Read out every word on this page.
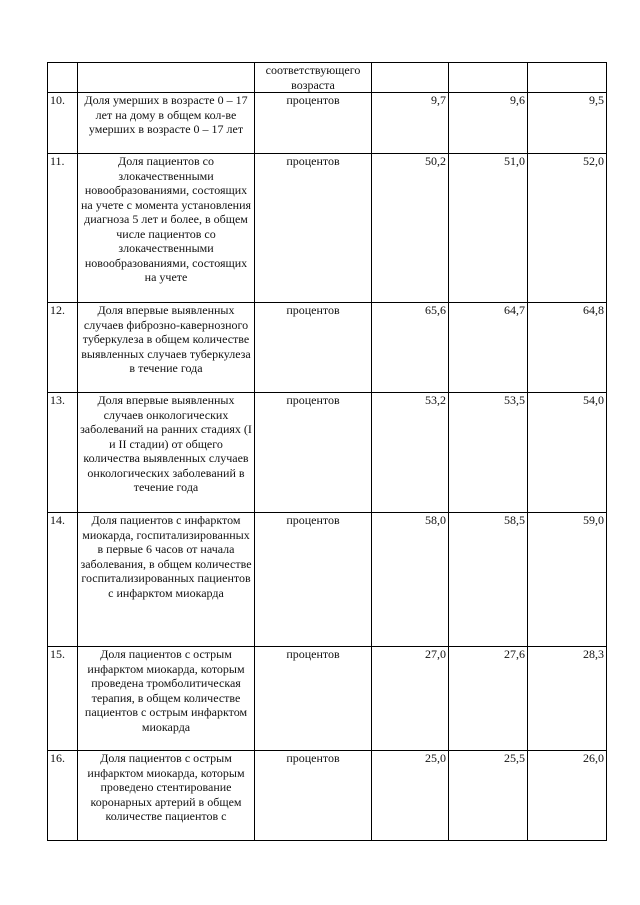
		соответствующего возраста			
10.	Доля умерших в возрасте 0 – 17 лет на дому в общем кол-ве умерших в возрасте 0 – 17 лет	процентов	9,7	9,6	9,5
11.	Доля пациентов со злокачественными новообразованиями, состоящих на учете с момента установления диагноза 5 лет и более, в общем числе пациентов со злокачественными новообразованиями, состоящих на учете	процентов	50,2	51,0	52,0
12.	Доля впервые выявленных случаев фиброзно-кавернозного туберкулеза в общем количестве выявленных случаев туберкулеза в течение года	процентов	65,6	64,7	64,8
13.	Доля впервые выявленных случаев онкологических заболеваний на ранних стадиях (I и II стадии) от общего количества выявленных случаев онкологических заболеваний в течение года	процентов	53,2	53,5	54,0
14.	Доля пациентов с инфарктом миокарда, госпитализированных в первые 6 часов от начала заболевания, в общем количестве госпитализированных пациентов с инфарктом миокарда	процентов	58,0	58,5	59,0
15.	Доля пациентов с острым инфарктом миокарда, которым проведена тромболитическая терапия, в общем количестве пациентов с острым инфарктом миокарда	процентов	27,0	27,6	28,3
16.	Доля пациентов с острым инфарктом миокарда, которым проведено стентирование коронарных артерий в общем количестве пациентов с	процентов	25,0	25,5	26,0
